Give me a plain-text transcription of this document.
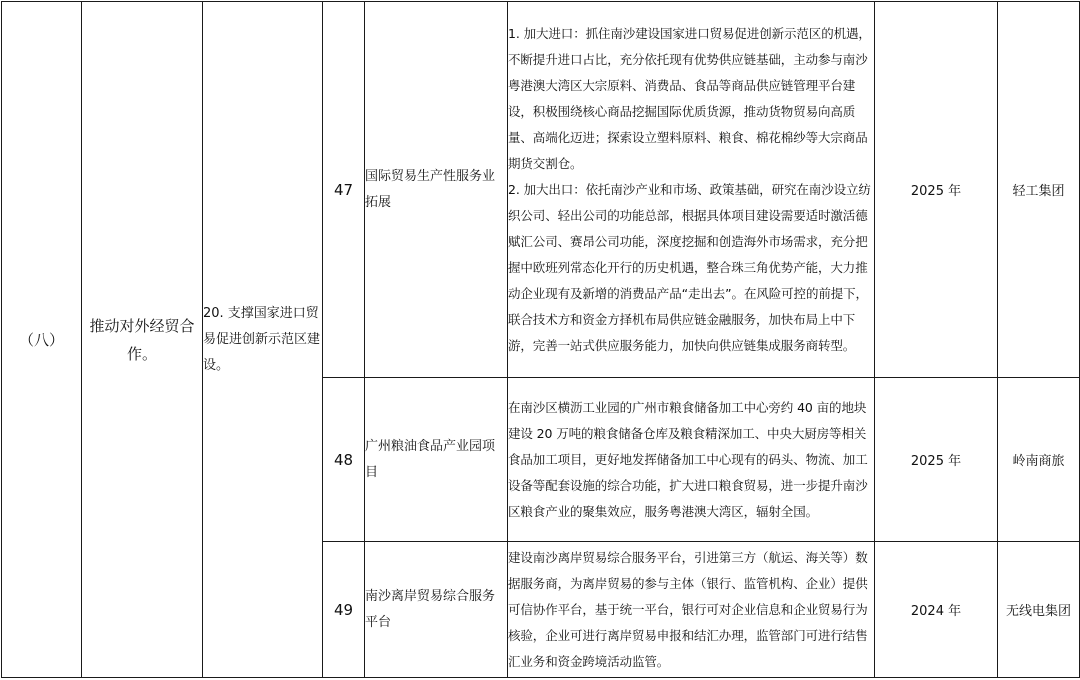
（八）	推动对外经贸合作。	20. 支撑国家进口贸易促进创新示范区建设。	47	国际贸易生产性服务业拓展	1. 加大进口：抓住南沙建设国家进口贸易促进创新示范区的机遇，不断提升进口占比，充分依托现有优势供应链基础，主动参与南沙粤港澳大湾区大宗原料、消费品、食品等商品供应链管理平台建设，积极围绕核心商品挖掘国际优质货源，推动货物贸易向高质量、高端化迈进；探索设立塑料原料、粮食、棉花棉纱等大宗商品期货交割仓。

2. 加大出口：依托南沙产业和市场、政策基础，研究在南沙设立纺织公司、轻出公司的功能总部，根据具体项目建设需要适时激活德赋汇公司、赛昂公司功能，深度挖掘和创造海外市场需求，充分把握中欧班列常态化开行的历史机遇，整合珠三角优势产能，大力推动企业现有及新增的消费品产品“走出去”。在风险可控的前提下，联合技术方和资金方择机布局供应链金融服务，加快布局上中下游，完善一站式供应服务能力，加快向供应链集成服务商转型。	2025 年	轻工集团
			48	广州粮油食品产业园项目	在南沙区横沥工业园的广州市粮食储备加工中心旁约 40 亩的地块建设 20 万吨的粮食储备仓库及粮食精深加工、中央大厨房等相关食品加工项目，更好地发挥储备加工中心现有的码头、物流、加工设备等配套设施的综合功能，扩大进口粮食贸易，进一步提升南沙区粮食产业的聚集效应，服务粤港澳大湾区，辐射全国。	2025 年	岭南商旅
			49	南沙离岸贸易综合服务平台	建设南沙离岸贸易综合服务平台，引进第三方（航运、海关等）数据服务商，为离岸贸易的参与主体（银行、监管机构、企业）提供可信协作平台，基于统一平台，银行可对企业信息和企业贸易行为核验，企业可进行离岸贸易申报和结汇办理，监管部门可进行结售汇业务和资金跨境活动监管。	2024 年	无线电集团
